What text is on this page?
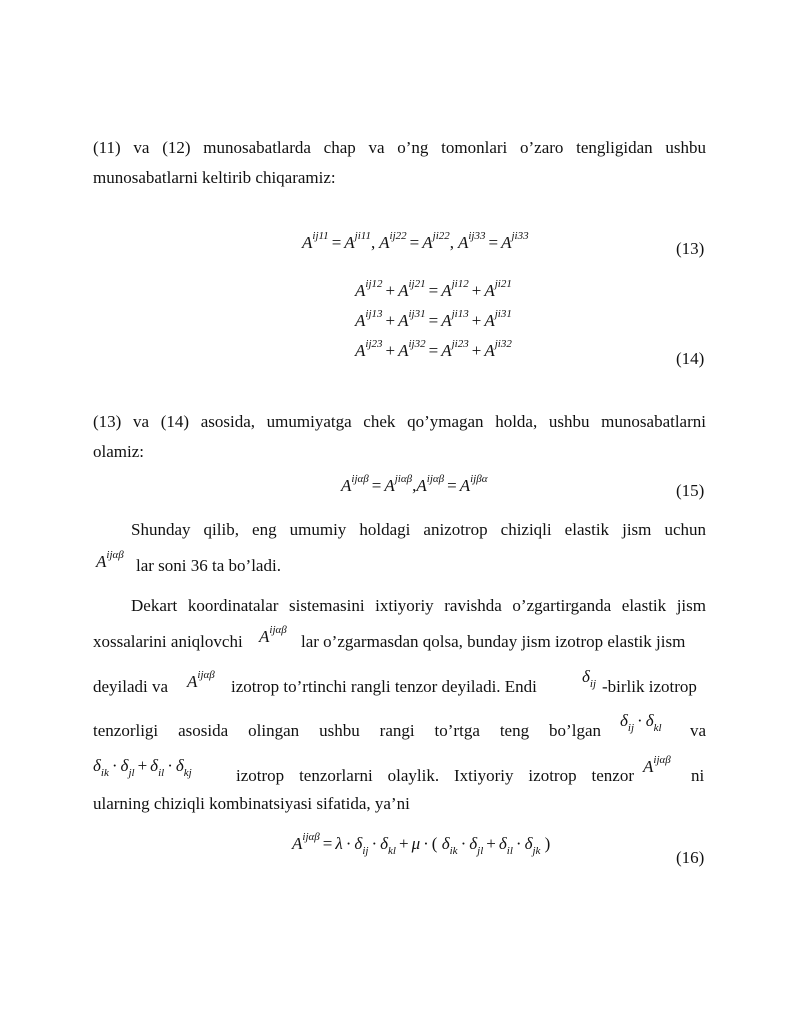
(11) va (12) munosabatlarda chap va o’ng tomonlari o’zaro tengligidan ushbu
munosabatlarni keltirib chiqaramiz:
$A^{ij11} = A^{ji11}$, $A^{ij22} = A^{ji22}$, $A^{ij33} = A^{ji33}$
(13)
$A^{ij12} + A^{ij21} = A^{ji12} + A^{ji21}$
$A^{ij13} + A^{ij31} = A^{ji13} + A^{ji31}$
$A^{ij23} + A^{ij32} = A^{ji23} + A^{ji32}$
(14)
(13) va (14) asosida, umumiyatga chek qo’ymagan holda, ushbu munosabatlarni
olamiz:
$A^{ij\alpha\beta} = A^{ji\alpha\beta},A^{ij\alpha\beta} = A^{ij\beta\alpha}$
(15)
Shunday qilib, eng umumiy holdagi anizotrop chiziqli elastik jism uchun
$A^{ij\alpha\beta}$
lar soni 36 ta bo’ladi.
Dekart koordinatalar sistemasini ixtiyoriy ravishda o’zgartirganda elastik jism
xossalarini aniqlovchi $A^{ij\alpha\beta}$
lar o’zgarmasdan qolsa, bunday jism izotrop elastik jism
deyiladi va $A^{ij\alpha\beta}$
izotrop to’rtinchi rangli tenzor deyiladi. Endi
$\delta_{ij}$ -birlik izotrop
tenzorligi asosida olingan ushbu rangi to’rtga teng bo’lgan
$\delta_{ij} \cdot \delta_{kl}$ va
$\delta_{ik} \cdot \delta_{jl} + \delta_{il} \cdot \delta_{kj}$	izotrop tenzorlarni olaylik. Ixtiyoriy izotrop tenzor $A^{ij\alpha\beta}$
ni
ularning chiziqli kombinatsiyasi sifatida, ya’ni
$A^{ij\alpha\beta} = \lambda \cdot \delta_{ij} \cdot \delta_{kl} + \mu$ · ( $\delta_{ik} \cdot \delta_{jl} + \delta_{il} \cdot \delta_{jk}$ )
(16)
